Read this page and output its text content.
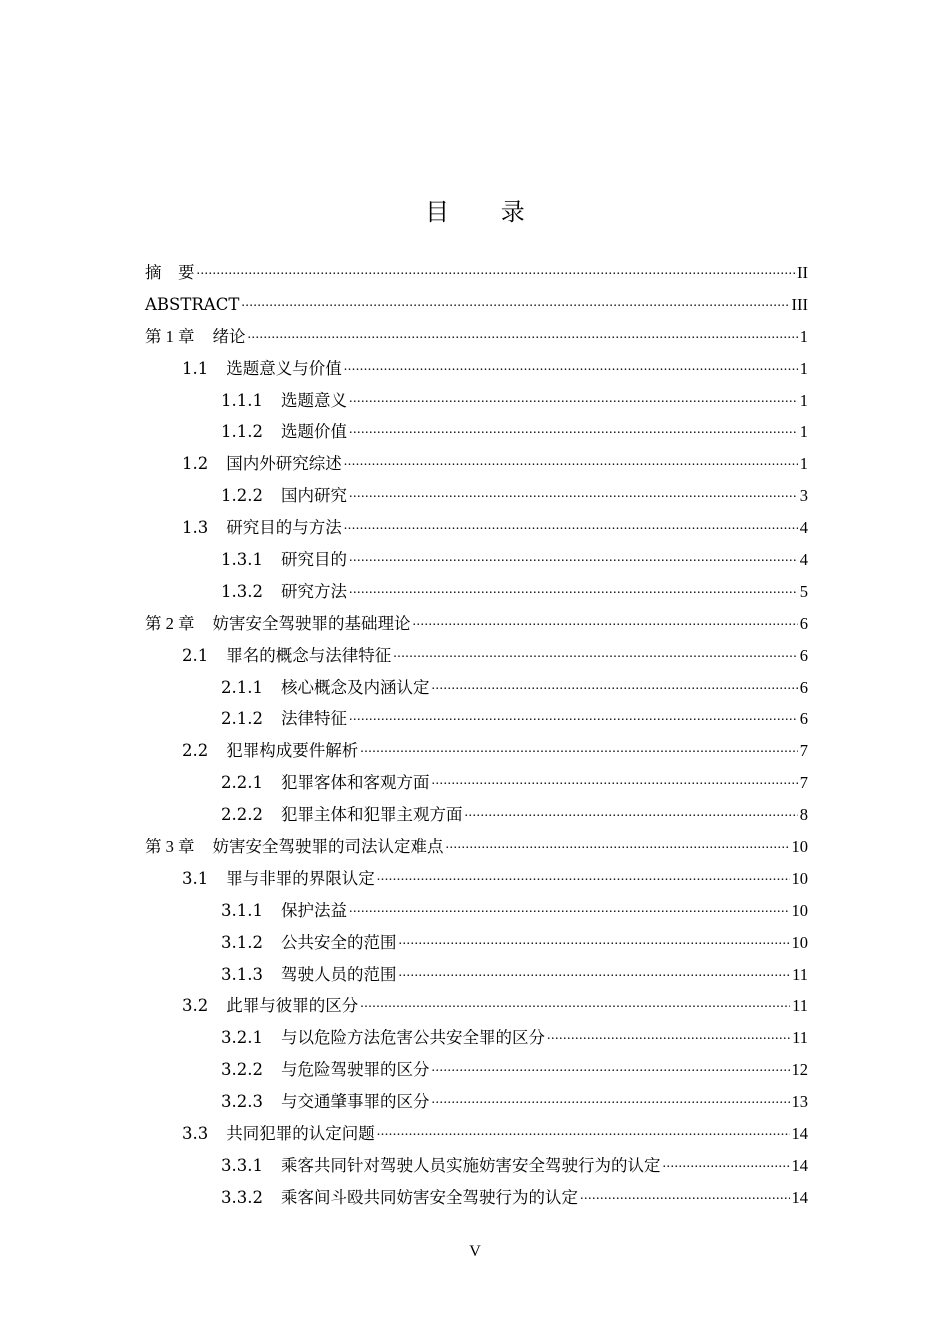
目 录
摘　要 .....	II
ABSTRACT .....	III
第 1 章 绪论 .....	1
1.1 选题意义与价值 .....	1
1.1.1 选题意义 .....	1
1.1.2 选题价值 .....	1
1.2 国内外研究综述 .....	1
1.2.2 国内研究 .....	3
1.3 研究目的与方法 .....	4
1.3.1 研究目的 .....	4
1.3.2 研究方法 .....	5
第 2 章 妨害安全驾驶罪的基础理论 .....	6
2.1 罪名的概念与法律特征 .....	6
2.1.1 核心概念及内涵认定 .....	6
2.1.2 法律特征 .....	6
2.2 犯罪构成要件解析 .....	7
2.2.1 犯罪客体和客观方面 .....	7
2.2.2 犯罪主体和犯罪主观方面 .....	8
第 3 章 妨害安全驾驶罪的司法认定难点 .....	10
3.1 罪与非罪的界限认定 .....	10
3.1.1 保护法益 .....	10
3.1.2 公共安全的范围 .....	10
3.1.3 驾驶人员的范围 .....	11
3.2 此罪与彼罪的区分 .....	11
3.2.1 与以危险方法危害公共安全罪的区分 .....	11
3.2.2 与危险驾驶罪的区分 .....	12
3.2.3 与交通肇事罪的区分 .....	13
3.3 共同犯罪的认定问题 .....	14
3.3.1 乘客共同针对驾驶人员实施妨害安全驾驶行为的认定 .....	14
3.3.2 乘客间斗殴共同妨害安全驾驶行为的认定 .....	14
V
